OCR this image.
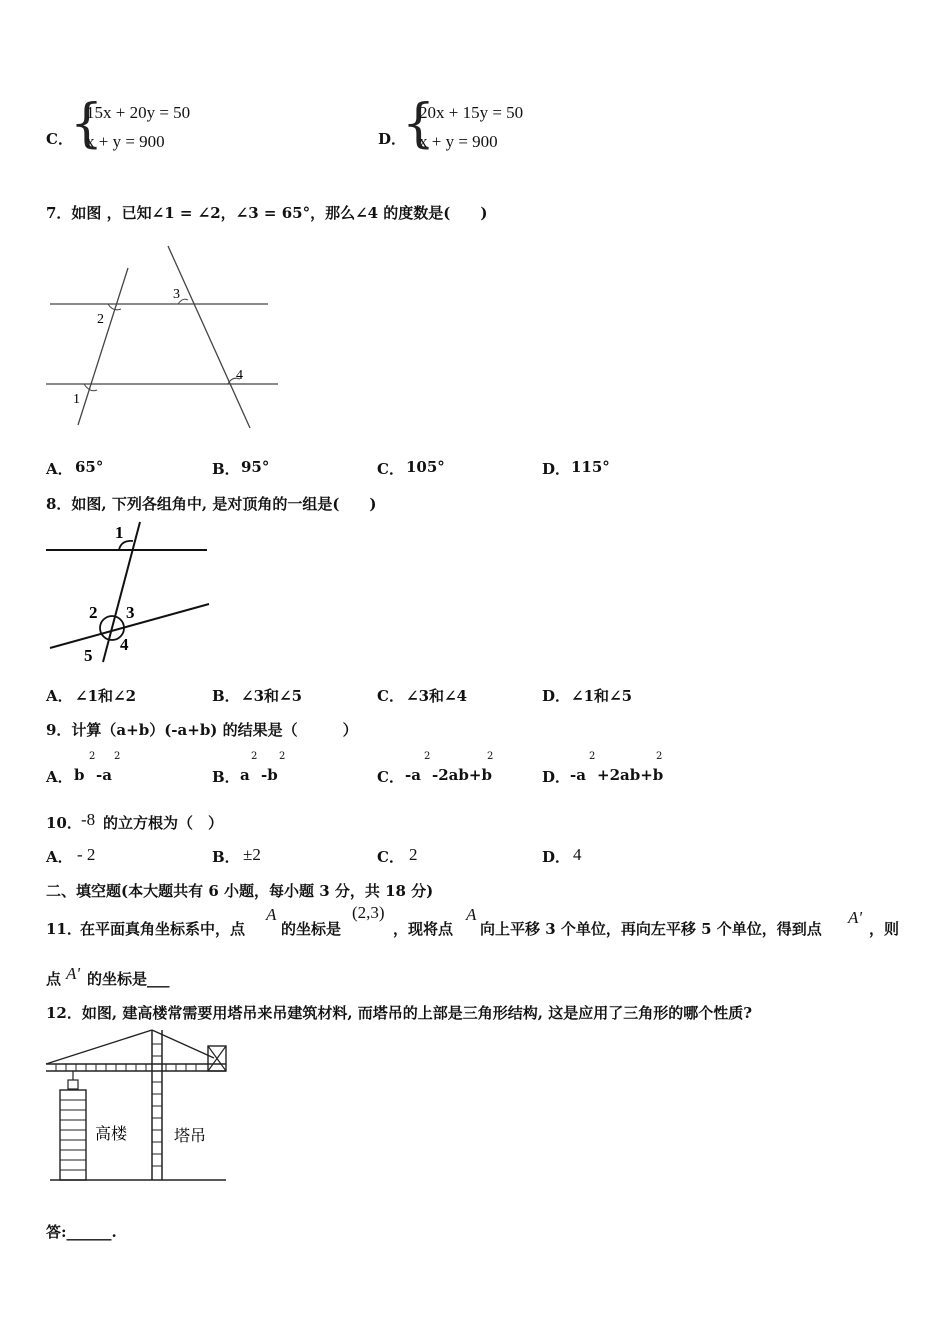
C．
{
15x + 20y = 50
x + y = 900	D．
{
20x + 15y = 50
x + y = 900
7．如图 ，已知∠1 = ∠2，∠3 = 65°，那么∠4 的度数是(　　)
1
2
3
4
A． 65°	B． 95°	C． 105°	D． 115°
8．如图, 下列各组角中, 是对顶角的一组是(　　)
1
2 3
4
5
A． ∠1和∠2	B． ∠3和∠5	C． ∠3和∠4	D． ∠1和∠5
9．计算（a+b）(-a+b) 的结果是（　　　）
A． b
2
-a
2
B． a
2
-b
2
C． -a
2
-2ab+b
2
D． -a
2
+2ab+b
2
10． -8 的立方根为（　）
A． - 2	B． ±2	C． 2	D． 4
二、填空题(本大题共有 6 小题，每小题 3 分，共 18 分)
11．
在平面真角坐标系中，点
A
的坐标是
(2,3)
，现将点
A
向上平移 3 个单位，再向左平移 5 个单位，得到点
A'
，则
点 A' 的坐标是___
12．如图, 建高楼常需要用塔吊来吊建筑材料, 而塔吊的上部是三角形结构, 这是应用了三角形的哪个性质?
高楼	塔吊
答:______.
